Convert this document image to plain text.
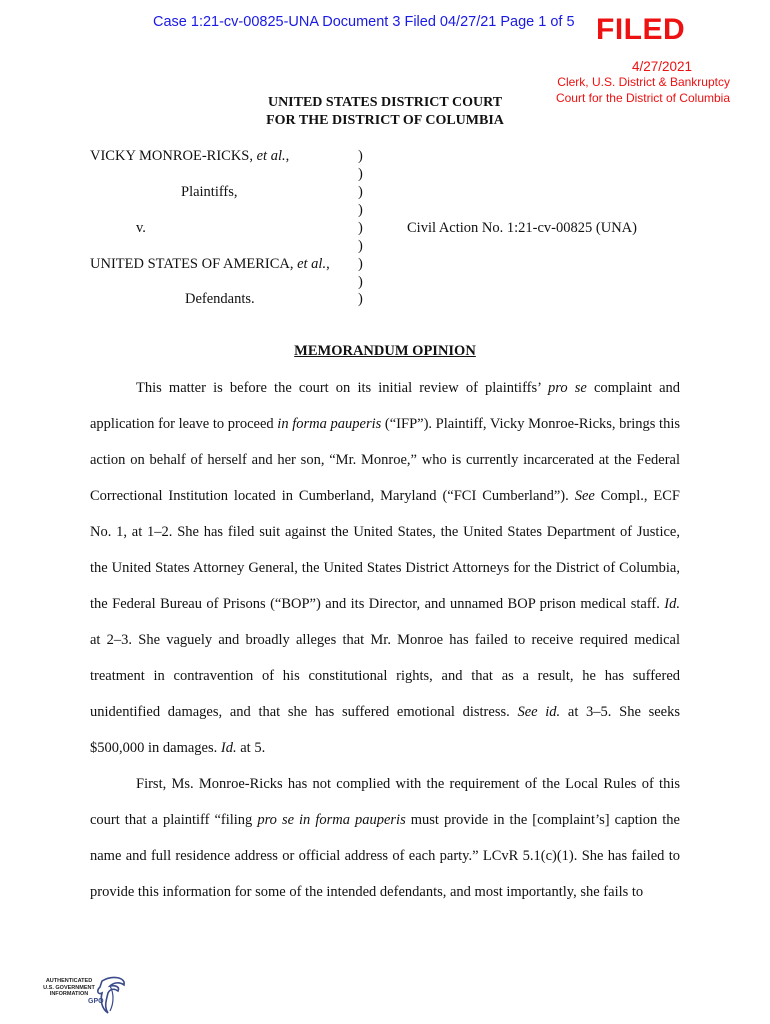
Case 1:21-cv-00825-UNA Document 3 Filed 04/27/21 Page 1 of 5 FILED
4/27/2021
Clerk, U.S. District & Bankruptcy
Court for the District of Columbia
UNITED STATES DISTRICT COURT
FOR THE DISTRICT OF COLUMBIA
VICKY MONROE-RICKS, et al.,
Plaintiffs,
v.
UNITED STATES OF AMERICA, et al.,
Defendants.
Civil Action No. 1:21-cv-00825 (UNA)
)
)
)
)
)
)
)
)
)
MEMORANDUM OPINION

This matter is before the court on its initial review of plaintiffs’ pro se complaint and application for leave to proceed in forma pauperis (“IFP”). Plaintiff, Vicky Monroe-Ricks, brings this action on behalf of herself and her son, “Mr. Monroe,” who is currently incarcerated at the Federal Correctional Institution located in Cumberland, Maryland (“FCI Cumberland”). See Compl., ECF No. 1, at 1–2. She has filed suit against the United States, the United States Department of Justice, the United States Attorney General, the United States District Attorneys for the District of Columbia, the Federal Bureau of Prisons (“BOP”) and its Director, and unnamed BOP prison medical staff. Id. at 2–3. She vaguely and broadly alleges that Mr. Monroe has failed to receive required medical treatment in contravention of his constitutional rights, and that as a result, he has suffered unidentified damages, and that she has suffered emotional distress. See id. at 3–5. She seeks $500,000 in damages. Id. at 5.

First, Ms. Monroe-Ricks has not complied with the requirement of the Local Rules of this court that a plaintiff “filing pro se in forma pauperis must provide in the [complaint’s] caption the name and full residence address or official address of each party.” LCvR 5.1(c)(1). She has failed to provide this information for some of the intended defendants, and most importantly, she fails to

AUTHENTICATED
U.S. GOVERNMENT
INFORMATION
GPO
